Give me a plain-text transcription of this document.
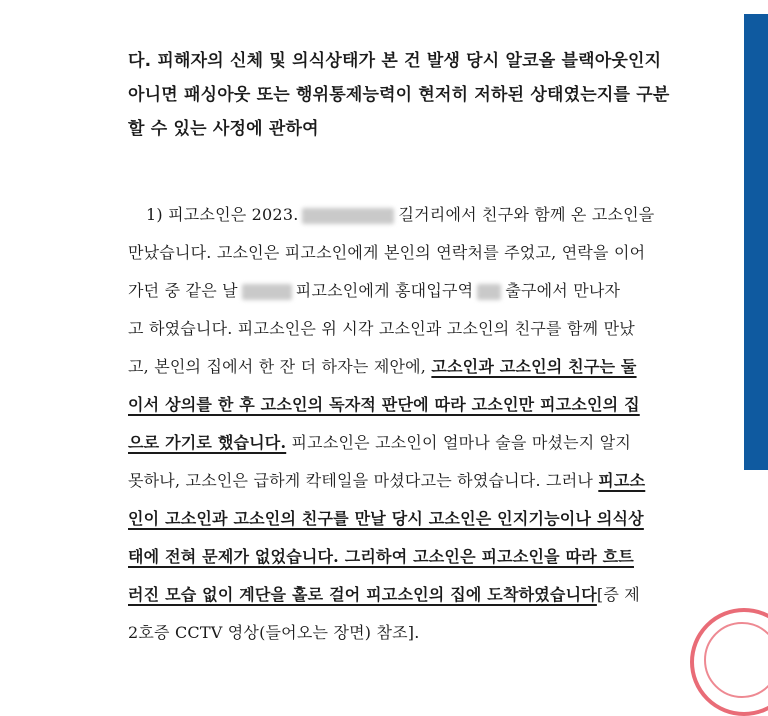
다. 피해자의 신체 및 의식상태가 본 건 발생 당시 알코올 블랙아웃인지
아니면 패싱아웃 또는 행위통제능력이 현저히 저하된 상태였는지를 구분
할 수 있는 사정에 관하여
1) 피고소인은 2023.	길거리에서 친구와 함께 온 고소인을
만났습니다. 고소인은 피고소인에게 본인의 연락처를 주었고, 연락을 이어
가던 중 같은 날	피고소인에게 홍대입구역 출구에서 만나자
고 하였습니다. 피고소인은 위 시각 고소인과 고소인의 친구를 함께 만났
고, 본인의 집에서 한 잔 더 하자는 제안에, 고소인과 고소인의 친구는 둘
이서 상의를 한 후 고소인의 독자적 판단에 따라 고소인만 피고소인의 집
으로 가기로 했습니다. 피고소인은 고소인이 얼마나 술을 마셨는지 알지
못하나, 고소인은 급하게 칵테일을 마셨다고는 하였습니다. 그러나 피고소
인이 고소인과 고소인의 친구를 만날 당시 고소인은 인지기능이나 의식상
태에 전혀 문제가 없었습니다. 그리하여 고소인은 피고소인을 따라 흐트
러진 모습 없이 계단을 홀로 걸어 피고소인의 집에 도착하였습니다[증 제
2호증 CCTV 영상(들어오는 장면) 참조].
